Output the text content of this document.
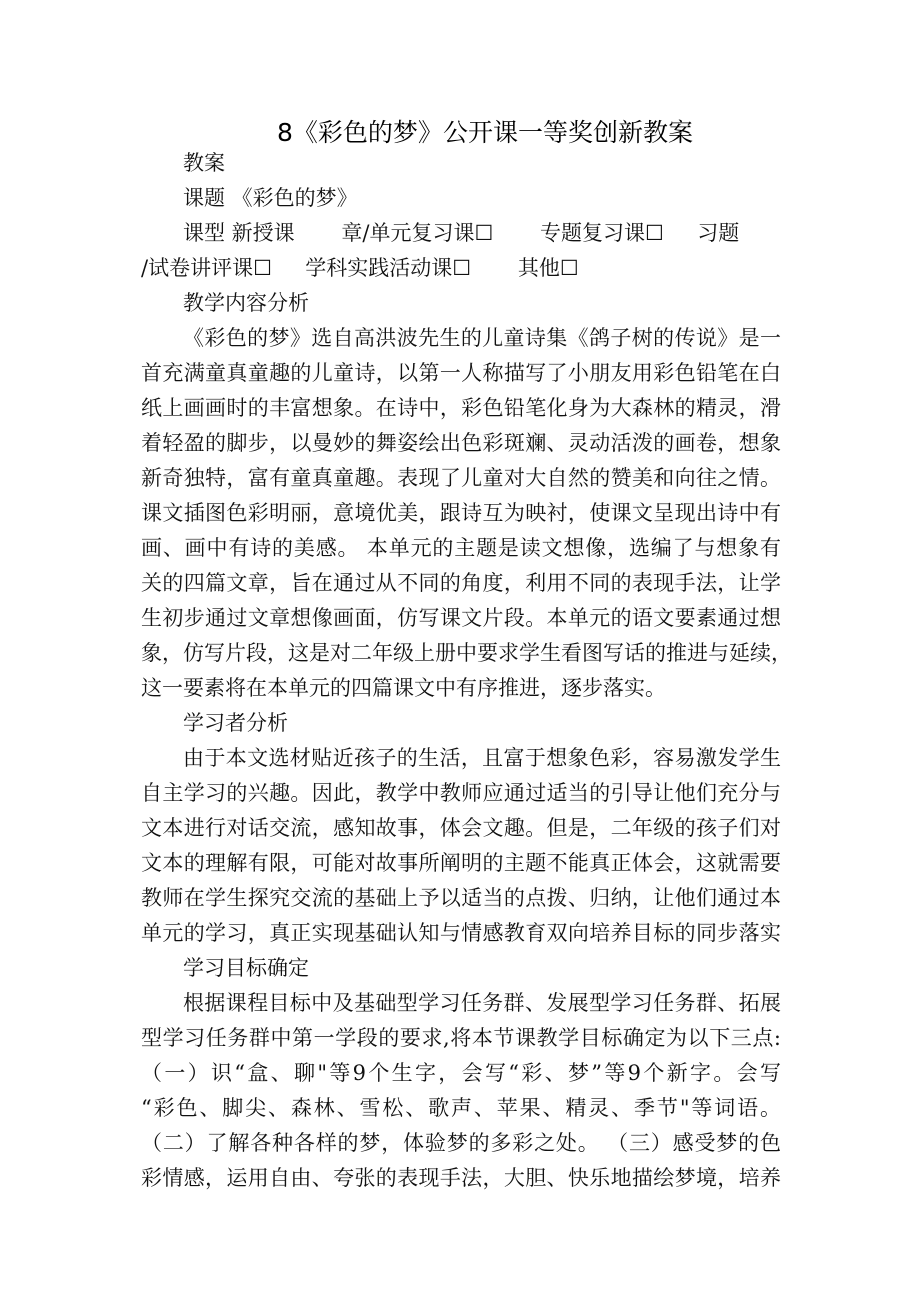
8《彩色的梦》公开课一等奖创新教案
教案
课题 《彩色的梦》
课型 新授课       章/单元复习课☐       专题复习课☐     习题
/试卷讲评课☐     学科实践活动课☐       其他☐
教学内容分析
《彩色的梦》选自高洪波先生的儿童诗集《鸽子树的传说》是一
首充满童真童趣的儿童诗，以第一人称描写了小朋友用彩色铅笔在白
纸上画画时的丰富想象。在诗中，彩色铅笔化身为大森林的精灵，滑
着轻盈的脚步，以曼妙的舞姿绘出色彩斑斓、灵动活泼的画卷，想象
新奇独特，富有童真童趣。表现了儿童对大自然的赞美和向往之情。
课文插图色彩明丽，意境优美，跟诗互为映衬，使课文呈现出诗中有
画、画中有诗的美感。 本单元的主题是读文想像，选编了与想象有
关的四篇文章，旨在通过从不同的角度，利用不同的表现手法，让学
生初步通过文章想像画面，仿写课文片段。本单元的语文要素通过想
象，仿写片段，这是对二年级上册中要求学生看图写话的推进与延续，
这一要素将在本单元的四篇课文中有序推进，逐步落实。
学习者分析
由于本文选材贴近孩子的生活，且富于想象色彩，容易激发学生
自主学习的兴趣。因此，教学中教师应通过适当的引导让他们充分与
文本进行对话交流，感知故事，体会文趣。但是，二年级的孩子们对
文本的理解有限，可能对故事所阐明的主题不能真正体会，这就需要
教师在学生探究交流的基础上予以适当的点拨、归纳，让他们通过本
单元的学习，真正实现基础认知与情感教育双向培养目标的同步落实
学习目标确定
根据课程目标中及基础型学习任务群、发展型学习任务群、拓展
型学习任务群中第一学段的要求,将本节课教学目标确定为以下三点:
（一）识“盒、聊"等9个生字，会写“彩、梦”等9个新字。会写
“彩色、脚尖、森林、雪松、歌声、苹果、精灵、季节"等词语。
（二）了解各种各样的梦，体验梦的多彩之处。 （三）感受梦的色
彩情感，运用自由、夸张的表现手法，大胆、快乐地描绘梦境，培养
